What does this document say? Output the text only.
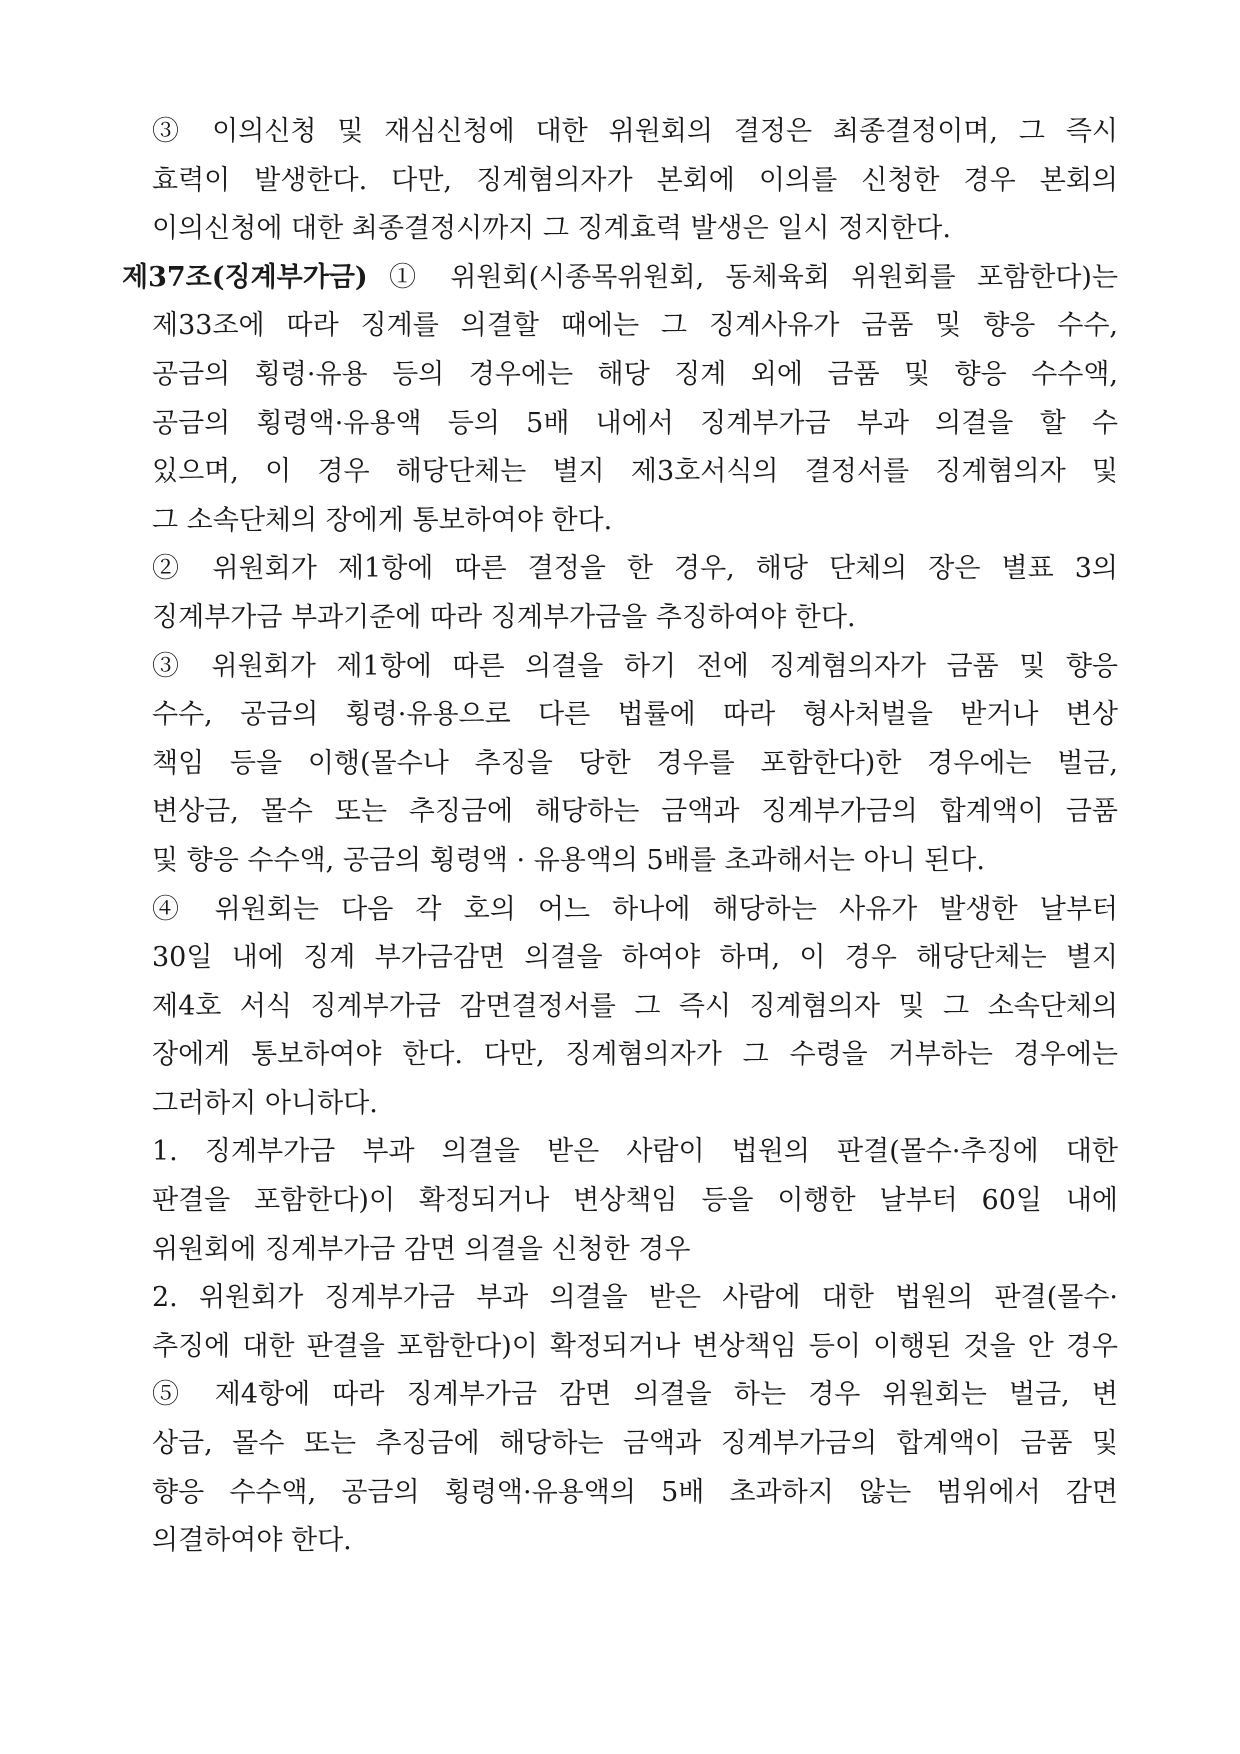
③ 이의신청 및 재심신청에 대한 위원회의 결정은 최종결정이며, 그 즉시
효력이 발생한다. 다만, 징계혐의자가 본회에 이의를 신청한 경우 본회의
이의신청에 대한 최종결정시까지 그 징계효력 발생은 일시 정지한다.
제37조(징계부가금) ① 위원회(시종목위원회, 동체육회 위원회를 포함한다)는
제33조에 따라 징계를 의결할 때에는 그 징계사유가 금품 및 향응 수수,
공금의 횡령·유용 등의 경우에는 해당 징계 외에 금품 및 향응 수수액,
공금의 횡령액·유용액 등의 5배 내에서 징계부가금 부과 의결을 할 수
있으며, 이 경우 해당단체는 별지 제3호서식의 결정서를 징계혐의자 및
그 소속단체의 장에게 통보하여야 한다.
② 위원회가 제1항에 따른 결정을 한 경우, 해당 단체의 장은 별표 3의
징계부가금 부과기준에 따라 징계부가금을 추징하여야 한다.
③ 위원회가 제1항에 따른 의결을 하기 전에 징계혐의자가 금품 및 향응
수수, 공금의 횡령·유용으로 다른 법률에 따라 형사처벌을 받거나 변상
책임 등을 이행(몰수나 추징을 당한 경우를 포함한다)한 경우에는 벌금,
변상금, 몰수 또는 추징금에 해당하는 금액과 징계부가금의 합계액이 금품
및 향응 수수액, 공금의 횡령액 · 유용액의 5배를 초과해서는 아니 된다.
④ 위원회는 다음 각 호의 어느 하나에 해당하는 사유가 발생한 날부터
30일 내에 징계 부가금감면 의결을 하여야 하며, 이 경우 해당단체는 별지
제4호 서식 징계부가금 감면결정서를 그 즉시 징계혐의자 및 그 소속단체의
장에게 통보하여야 한다. 다만, 징계혐의자가 그 수령을 거부하는 경우에는
그러하지 아니하다.
1. 징계부가금 부과 의결을 받은 사람이 법원의 판결(몰수·추징에 대한
판결을 포함한다)이 확정되거나 변상책임 등을 이행한 날부터 60일 내에
위원회에 징계부가금 감면 의결을 신청한 경우
2. 위원회가 징계부가금 부과 의결을 받은 사람에 대한 법원의 판결(몰수·
추징에 대한 판결을 포함한다)이 확정되거나 변상책임 등이 이행된 것을 안 경우
⑤ 제4항에 따라 징계부가금 감면 의결을 하는 경우 위원회는 벌금, 변
상금, 몰수 또는 추징금에 해당하는 금액과 징계부가금의 합계액이 금품 및
향응 수수액, 공금의 횡령액·유용액의 5배 초과하지 않는 범위에서 감면
의결하여야 한다.
